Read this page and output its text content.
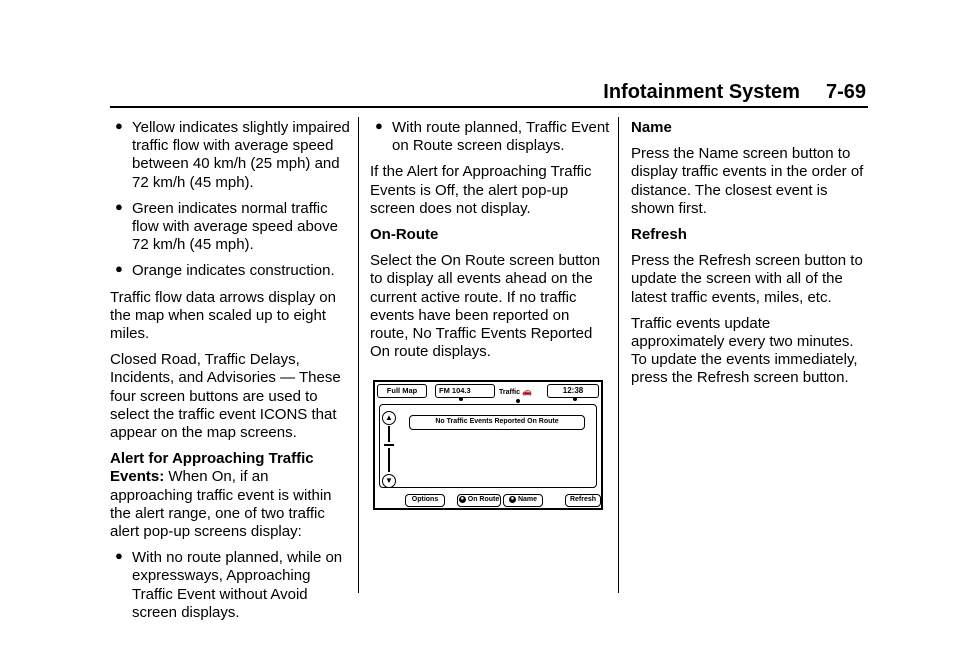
Infotainment System 7-69
● Yellow indicates slightly impaired traffic flow with average speed between 40 km/h (25 mph) and 72 km/h (45 mph).
● Green indicates normal traffic flow with average speed above 72 km/h (45 mph).
● Orange indicates construction.

Traffic flow data arrows display on the map when scaled up to eight miles.

Closed Road, Traffic Delays, Incidents, and Advisories — These four screen buttons are used to select the traffic event ICONS that appear on the map screens.

Alert for Approaching Traffic Events: When On, if an approaching traffic event is within the alert range, one of two traffic alert pop-up screens display:

● With no route planned, while on expressways, Approaching Traffic Event without Avoid screen displays.
● With route planned, Traffic Event on Route screen displays.

If the Alert for Approaching Traffic Events is Off, the alert pop-up screen does not display.

On-Route

Select the On Route screen button to display all events ahead on the current active route. If no traffic events have been reported on route, No Traffic Events Reported On route displays.

Name

Press the Name screen button to display traffic events in the order of distance. The closest event is shown first.

Refresh

Press the Refresh screen button to update the screen with all of the latest traffic events, miles, etc.

Traffic events update approximately every two minutes. To update the events immediately, press the Refresh screen button.

Full Map	FM 104.3	Traffic 🚗	12:38
▲
▼
No Traffic Events Reported On Route
Options	● On Route	● Name	Refresh
